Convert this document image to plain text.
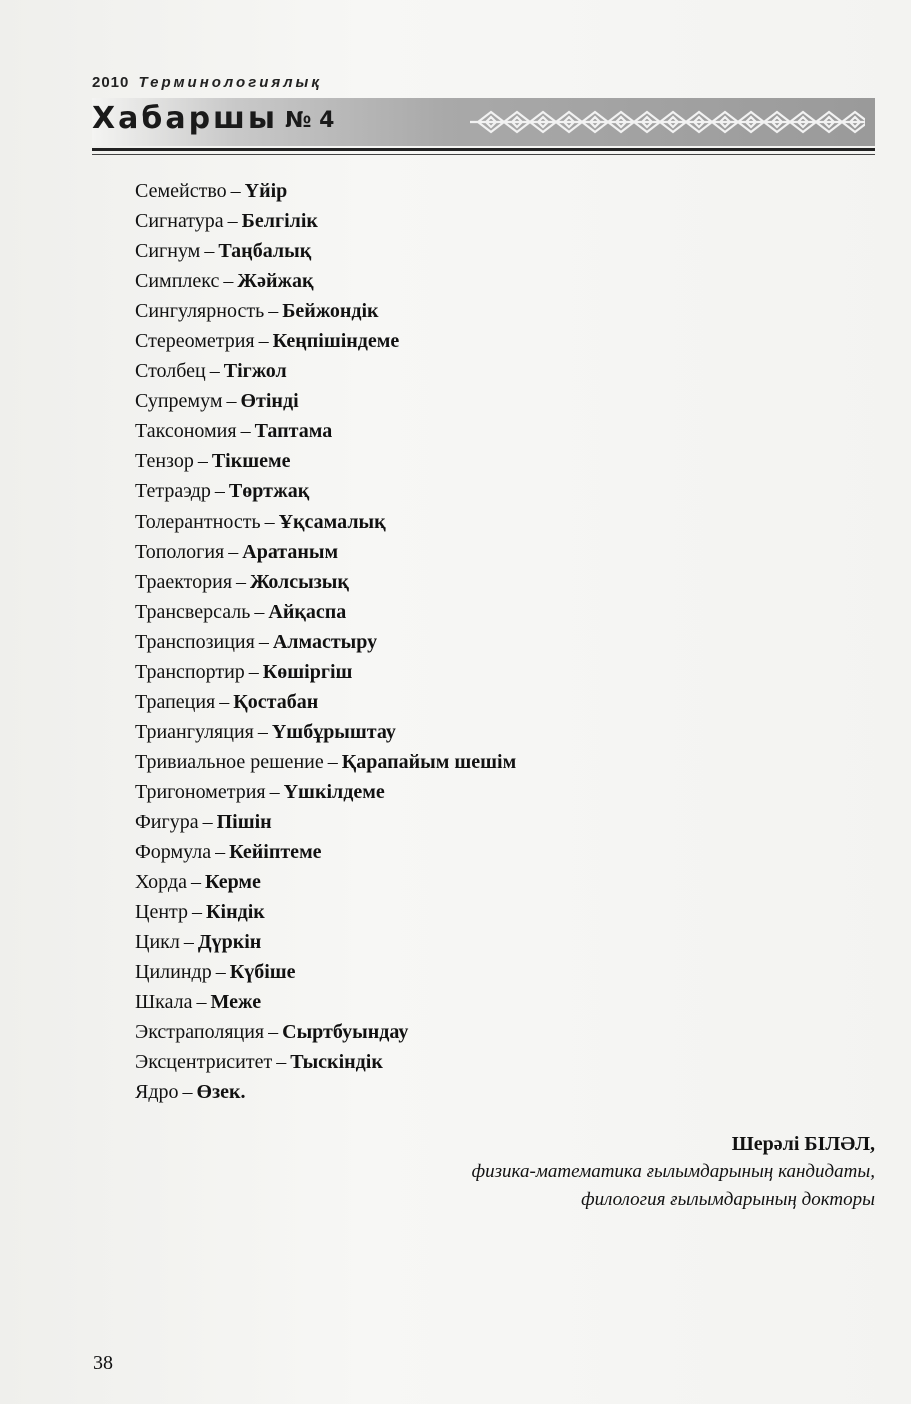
2010 Терминологиялық
Хабаршы № 4
Семейство – Үйір
Сигнатура – Белгілік
Сигнум – Таңбалық
Симплекс – Жәйжақ
Сингулярность – Бейжондік
Стереометрия – Кеңпішіндеме
Столбец – Тігжол
Супремум – Өтінді
Таксономия – Таптама
Тензор – Тікшеме
Тетраэдр – Төртжақ
Толерантность – Ұқсамалық
Топология – Аратаным
Траектория – Жолсызық
Трансверсаль – Айқаспа
Транспозиция – Алмастыру
Транспортир – Көшіргіш
Трапеция – Қостабан
Триангуляция – Үшбұрыштау
Тривиальное решение – Қарапайым шешім
Тригонометрия – Үшкілдеме
Фигура – Пішін
Формула – Кейіптеме
Хорда – Керме
Центр – Кіндік
Цикл – Дүркін
Цилиндр – Күбіше
Шкала – Меже
Экстраполяция – Сыртбуындау
Эксцентриситет – Тыскіндік
Ядро – Өзек.
Шерәлі БІЛӘЛ,
физика-математика ғылымдарының кандидаты,
филология ғылымдарының докторы
38
